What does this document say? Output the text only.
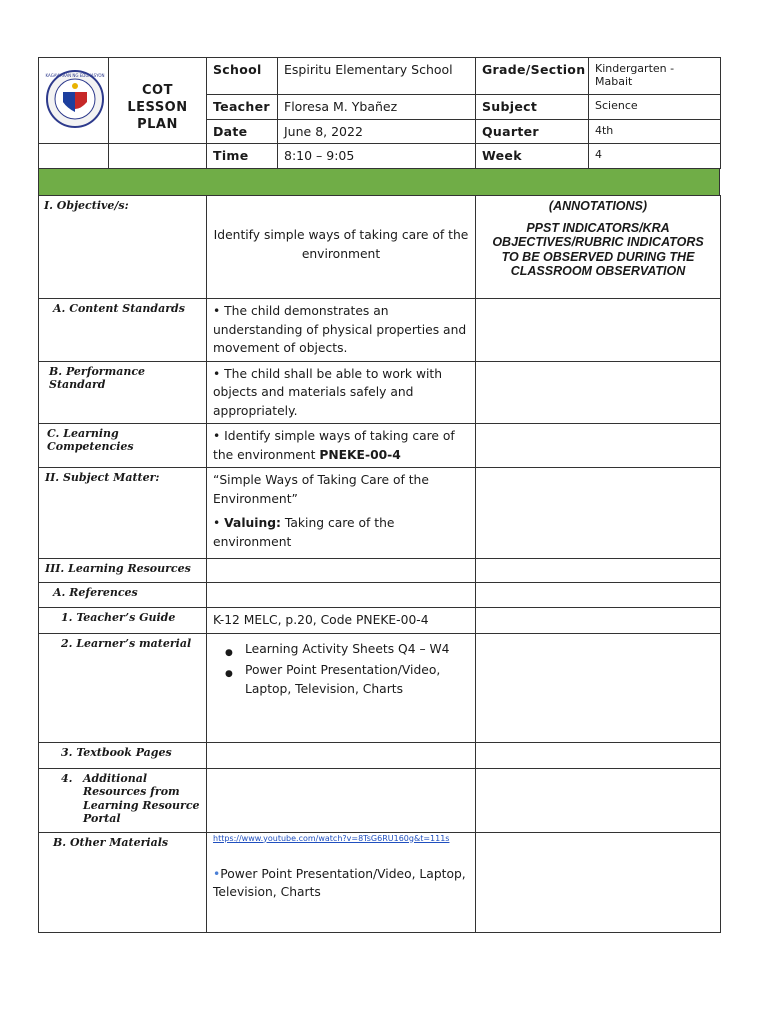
KAGAWARAN NG EDUKASYON	COT
LESSON
PLAN	School	Espiritu Elementary School	Grade/Section	Kindergarten - Mabait
		Teacher	Floresa M. Ybañez	Subject	Science
		Date	June 8, 2022	Quarter	4th
		Time	8:10 – 9:05	Week	4
I. Objective/s:	Identify simple ways of taking care of the environment	(ANNOTATIONS)
PPST INDICATORS/KRA OBJECTIVES/RUBRIC INDICATORS TO BE OBSERVED DURING THE CLASSROOM OBSERVATION

A. Content Standards	• The child demonstrates an understanding of physical properties and movement of objects.	
B. Performance Standard	• The child shall be able to work with objects and materials safely and appropriately.	
C. Learning Competencies	• Identify simple ways of taking care of the environment PNEKE-00-4	
II. Subject Matter:	“Simple Ways of Taking Care of the Environment”
• Valuing: Taking care of the environment	

III. Learning Resources		
A. References		
1. Teacher’s Guide	K-12 MELC, p.20, Code PNEKE-00-4	
2. Learner’s material	● Learning Activity Sheets Q4 – W4
● Power Point Presentation/Video, Laptop, Television, Charts

3. Textbook Pages		

4. Additional Resources from Learning Resource Portal		

B. Other Materials	https://www.youtube.com/watch?v=8TsG6RU160g&t=111s
•Power Point Presentation/Video, Laptop, Television, Charts	
